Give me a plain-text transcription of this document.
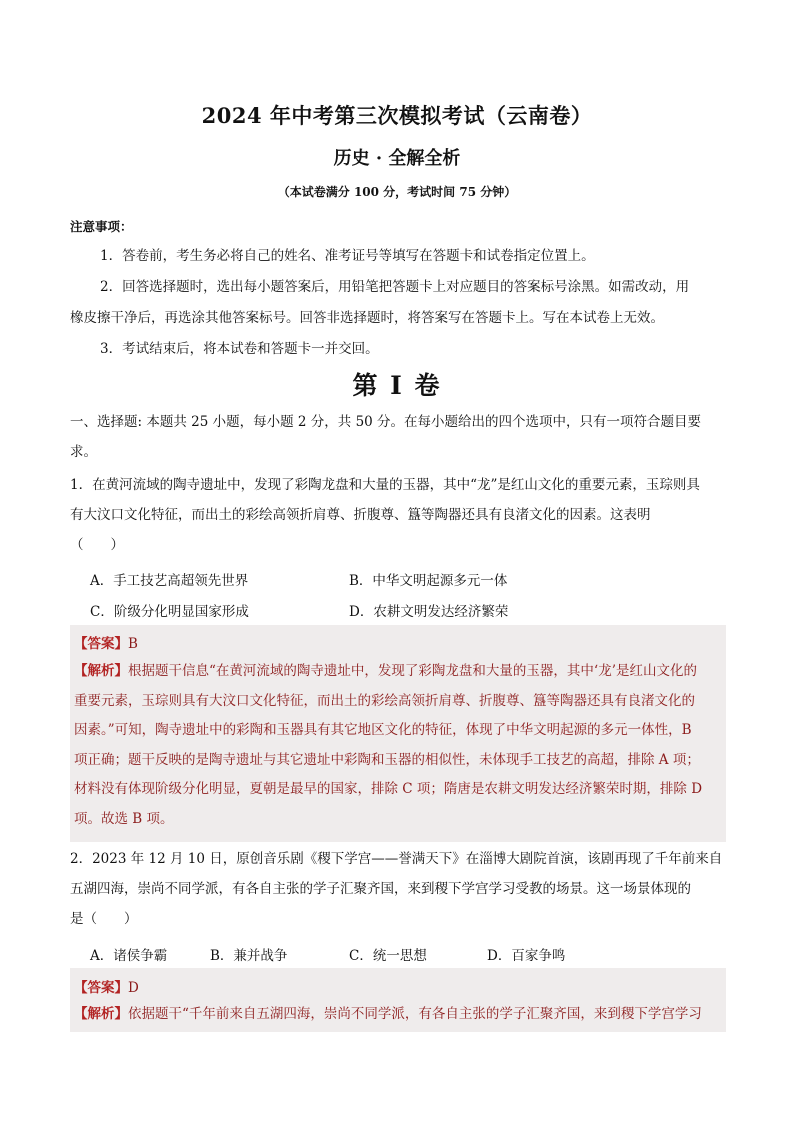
2024 年中考第三次模拟考试（云南卷）
历史 · 全解全析
（本试卷满分 100 分，考试时间 75 分钟）
注意事项：
1．答卷前，考生务必将自己的姓名、准考证号等填写在答题卡和试卷指定位置上。
2．回答选择题时，选出每小题答案后，用铅笔把答题卡上对应题目的答案标号涂黑。如需改动，用
橡皮擦干净后，再选涂其他答案标号。回答非选择题时，将答案写在答题卡上。写在本试卷上无效。
3．考试结束后，将本试卷和答题卡一并交回。
第 I 卷
一、选择题: 本题共 25 小题，每小题 2 分，共 50 分。在每小题给出的四个选项中，只有一项符合题目要
求。
1．在黄河流域的陶寺遗址中，发现了彩陶龙盘和大量的玉器，其中“龙”是红山文化的重要元素，玉琮则具
有大汶口文化特征，而出土的彩绘高领折肩尊、折腹尊、簋等陶器还具有良渚文化的因素。这表明
（　　）
A．手工技艺高超领先世界	B．中华文明起源多元一体
C．阶级分化明显国家形成	D．农耕文明发达经济繁荣
【答案】B
【解析】根据题干信息“在黄河流域的陶寺遗址中，发现了彩陶龙盘和大量的玉器，其中‘龙’是红山文化的
重要元素，玉琮则具有大汶口文化特征，而出土的彩绘高领折肩尊、折腹尊、簋等陶器还具有良渚文化的
因素。”可知，陶寺遗址中的彩陶和玉器具有其它地区文化的特征，体现了中华文明起源的多元一体性，B
项正确；题干反映的是陶寺遗址与其它遗址中彩陶和玉器的相似性，未体现手工技艺的高超，排除 A 项；
材料没有体现阶级分化明显，夏朝是最早的国家，排除 C 项；隋唐是农耕文明发达经济繁荣时期，排除 D
项。故选 B 项。
2．2023 年 12 月 10 日，原创音乐剧《稷下学宫——誉满天下》在淄博大剧院首演，该剧再现了千年前来自
五湖四海，崇尚不同学派，有各自主张的学子汇聚齐国，来到稷下学宫学习受教的场景。这一场景体现的
是（　　）
A．诸侯争霸	B．兼并战争	C．统一思想	D．百家争鸣
【答案】D
【解析】依据题干“千年前来自五湖四海，崇尚不同学派，有各自主张的学子汇聚齐国，来到稷下学宫学习
